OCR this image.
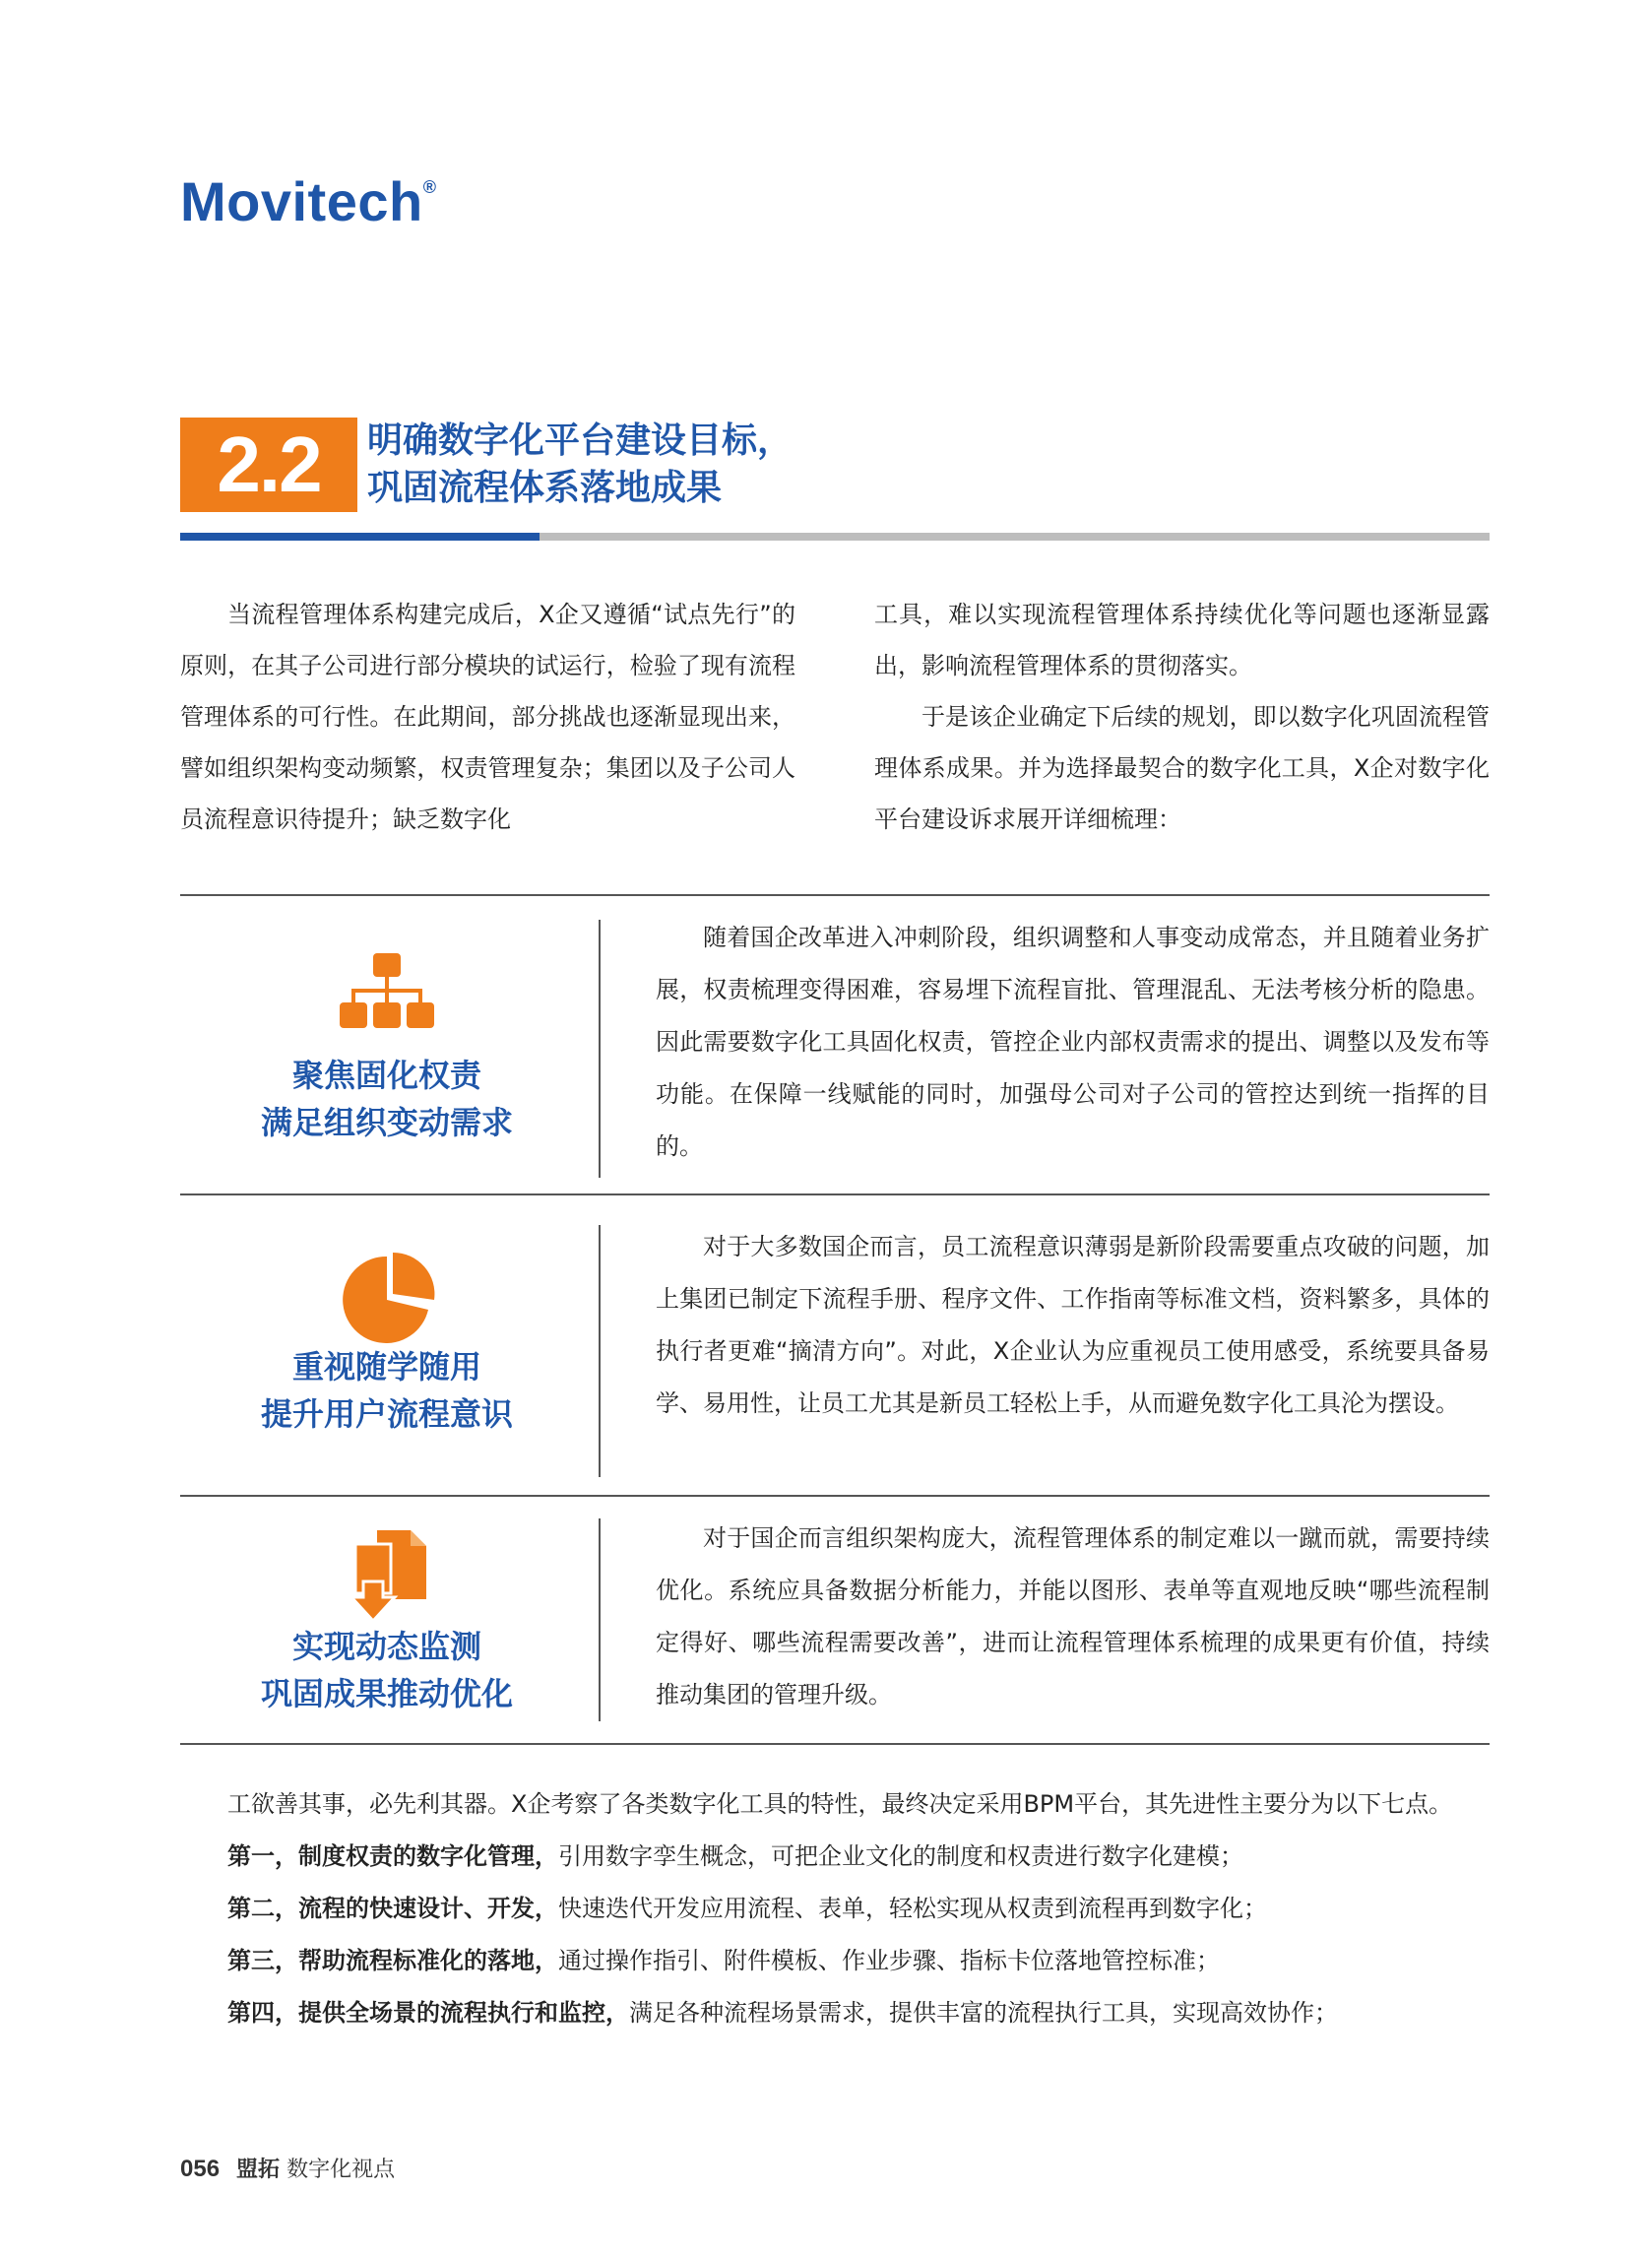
Movitech®
2.2	明确数字化平台建设目标，
巩固流程体系落地成果

当流程管理体系构建完成后，X企又遵循“试点先行”的原则，在其子公司进行部分模块的试运行，检验了现有流程管理体系的可行性。在此期间，部分挑战也逐渐显现出来，譬如组织架构变动频繁，权责管理复杂；集团以及子公司人员流程意识待提升；缺乏数字化

工具，难以实现流程管理体系持续优化等问题也逐渐显露出，影响流程管理体系的贯彻落实。

于是该企业确定下后续的规划，即以数字化巩固流程管理体系成果。并为选择最契合的数字化工具，X企对数字化平台建设诉求展开详细梳理：

聚焦固化权责
满足组织变动需求
随着国企改革进入冲刺阶段，组织调整和人事变动成常态，并且随着业务扩展，权责梳理变得困难，容易埋下流程盲批、管理混乱、无法考核分析的隐患。因此需要数字化工具固化权责，管控企业内部权责需求的提出、调整以及发布等功能。在保障一线赋能的同时，加强母公司对子公司的管控达到统一指挥的目的。
重视随学随用
提升用户流程意识
对于大多数国企而言，员工流程意识薄弱是新阶段需要重点攻破的问题，加上集团已制定下流程手册、程序文件、工作指南等标准文档，资料繁多，具体的执行者更难“摘清方向”。对此，X企业认为应重视员工使用感受，系统要具备易学、易用性，让员工尤其是新员工轻松上手，从而避免数字化工具沦为摆设。
实现动态监测
巩固成果推动优化
对于国企而言组织架构庞大，流程管理体系的制定难以一蹴而就，需要持续优化。系统应具备数据分析能力，并能以图形、表单等直观地反映“哪些流程制定得好、哪些流程需要改善”，进而让流程管理体系梳理的成果更有价值，持续推动集团的管理升级。

工欲善其事，必先利其器。X企考察了各类数字化工具的特性，最终决定采用BPM平台，其先进性主要分为以下七点。

第一，制度权责的数字化管理，引用数字孪生概念，可把企业文化的制度和权责进行数字化建模；

第二，流程的快速设计、开发，快速迭代开发应用流程、表单，轻松实现从权责到流程再到数字化；

第三，帮助流程标准化的落地，通过操作指引、附件模板、作业步骤、指标卡位落地管控标准；

第四，提供全场景的流程执行和监控，满足各种流程场景需求，提供丰富的流程执行工具，实现高效协作；

056 盟拓 数字化视点
